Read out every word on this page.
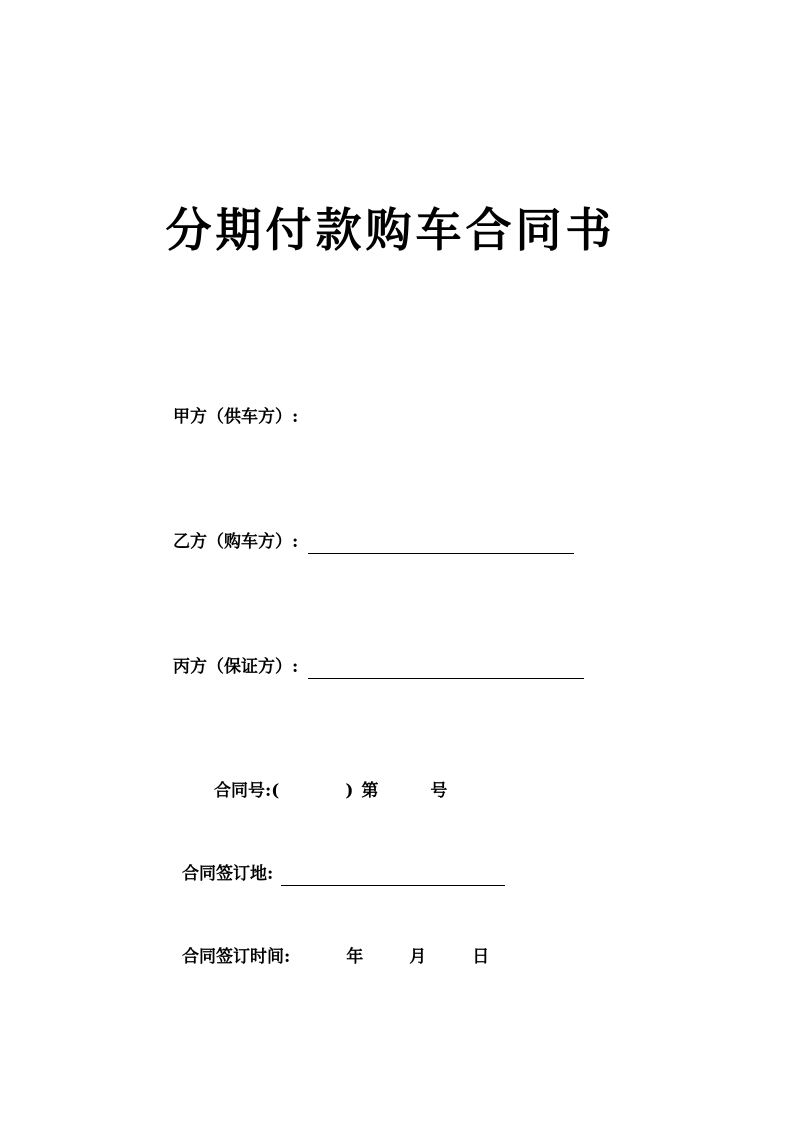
分期付款购车合同书
甲方（供车方）:
乙方（购车方）:
丙方（保证方）:
合同号:(	) 第	号
合同签订地:
合同签订时间:	年	月	日
